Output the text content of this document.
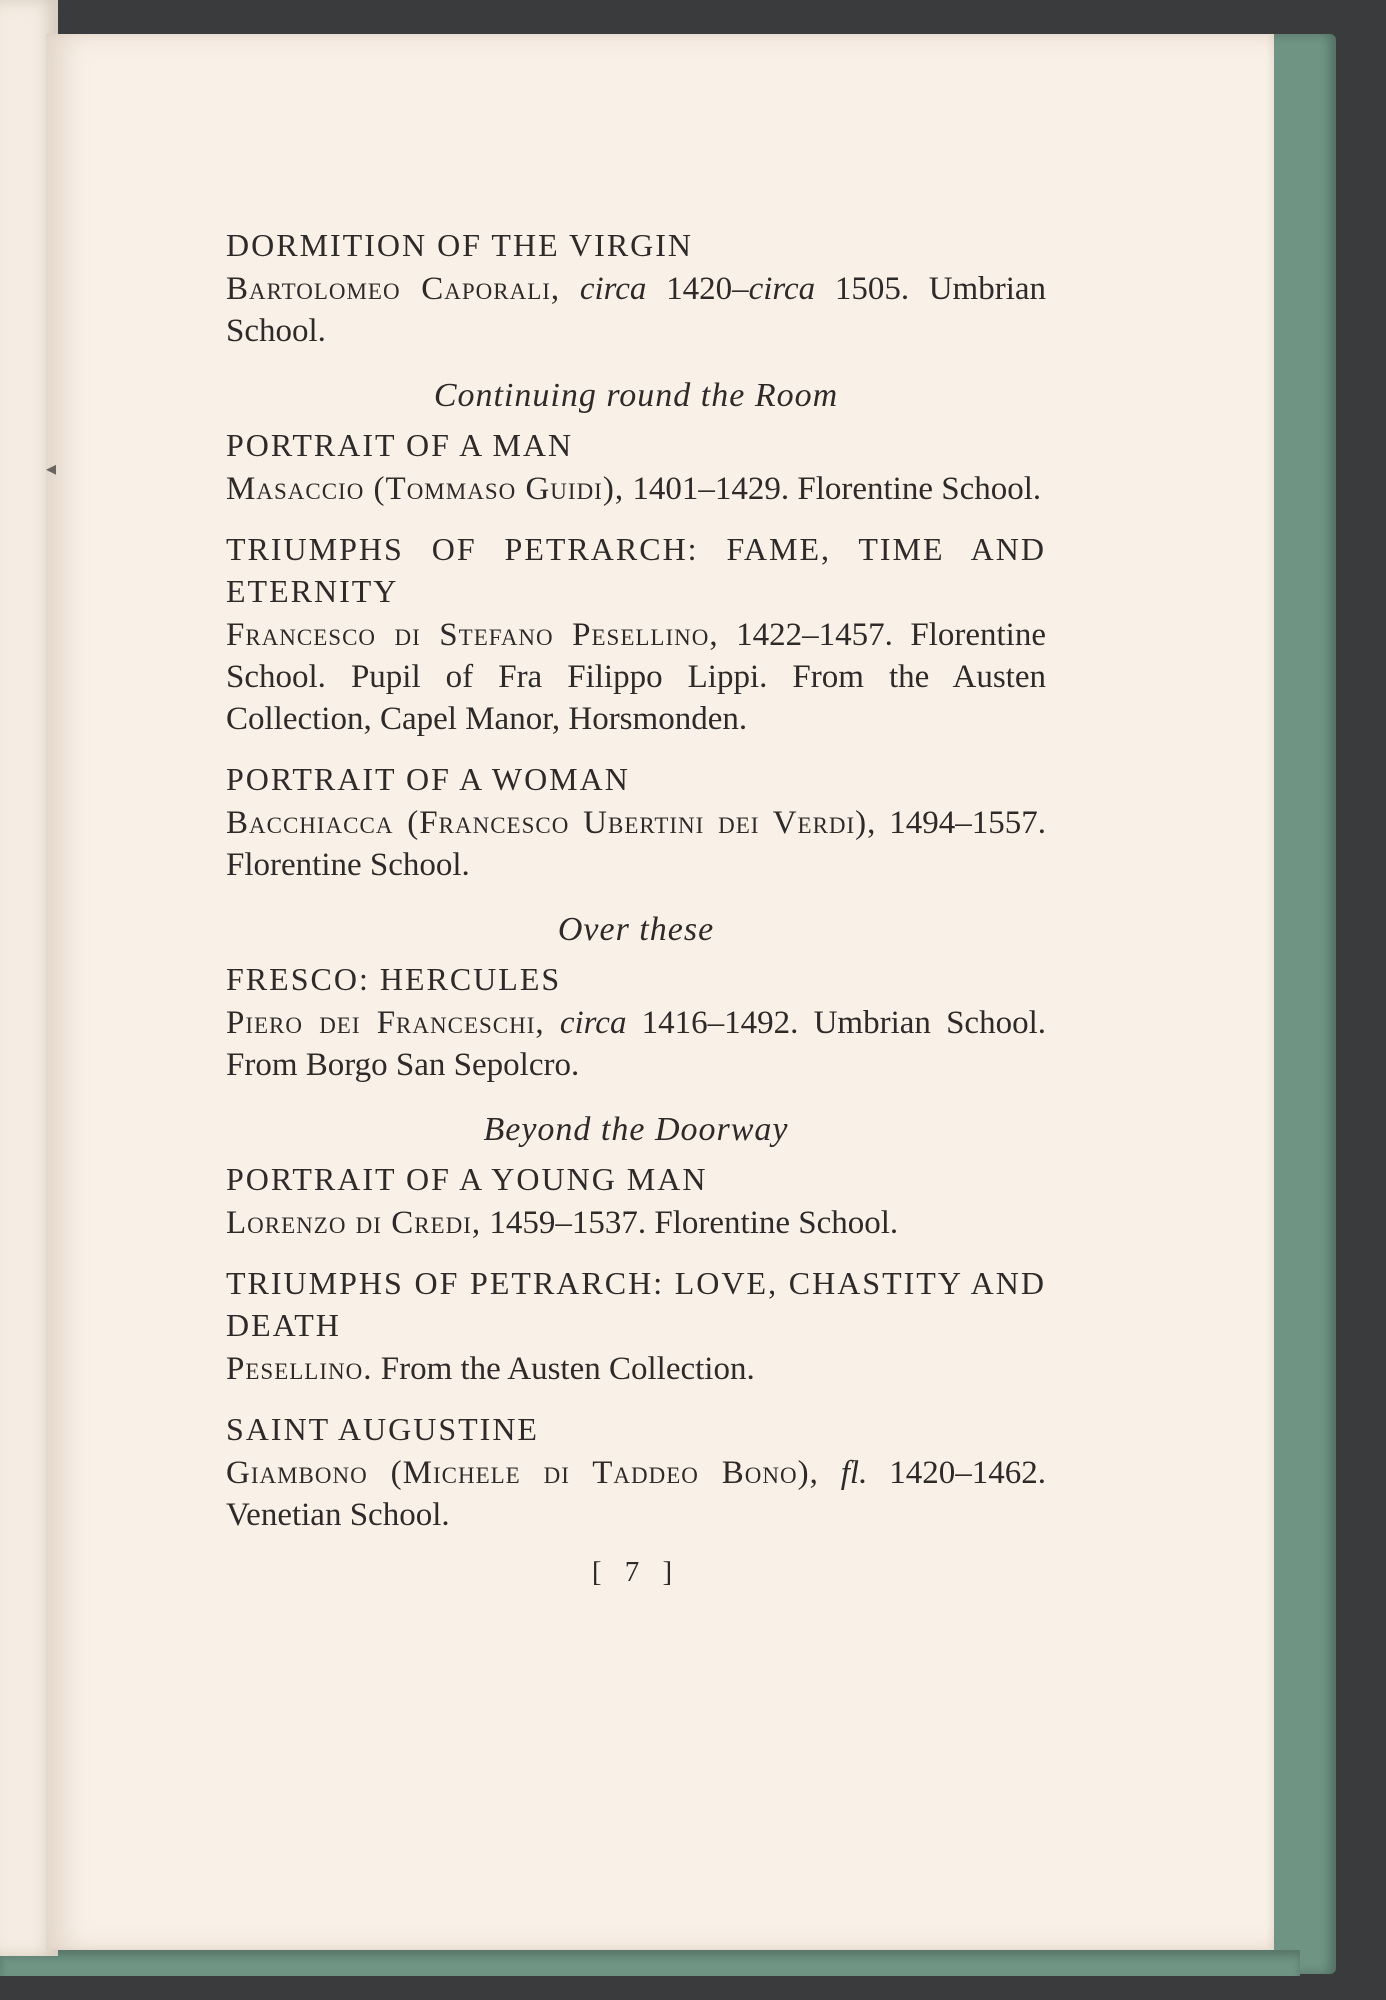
◂
DORMITION OF THE VIRGIN
Bartolomeo Caporali, circa 1420–circa 1505. Umbrian School.
Continuing round the Room
PORTRAIT OF A MAN
Masaccio (Tommaso Guidi), 1401–1429. Florentine School.
TRIUMPHS OF PETRARCH: FAME, TIME AND ETERNITY
Francesco di Stefano Pesellino, 1422–1457. Florentine School. Pupil of Fra Filippo Lippi. From the Austen Collection, Capel Manor, Horsmonden.
PORTRAIT OF A WOMAN
Bacchiacca (Francesco Ubertini dei Verdi), 1494–1557. Florentine School.
Over these
FRESCO: HERCULES
Piero dei Franceschi, circa 1416–1492. Umbrian School. From Borgo San Sepolcro.
Beyond the Doorway
PORTRAIT OF A YOUNG MAN
Lorenzo di Credi, 1459–1537. Florentine School.
TRIUMPHS OF PETRARCH: LOVE, CHASTITY AND DEATH
Pesellino. From the Austen Collection.
SAINT AUGUSTINE
Giambono (Michele di Taddeo Bono), fl. 1420–1462. Venetian School.
[ 7 ]
